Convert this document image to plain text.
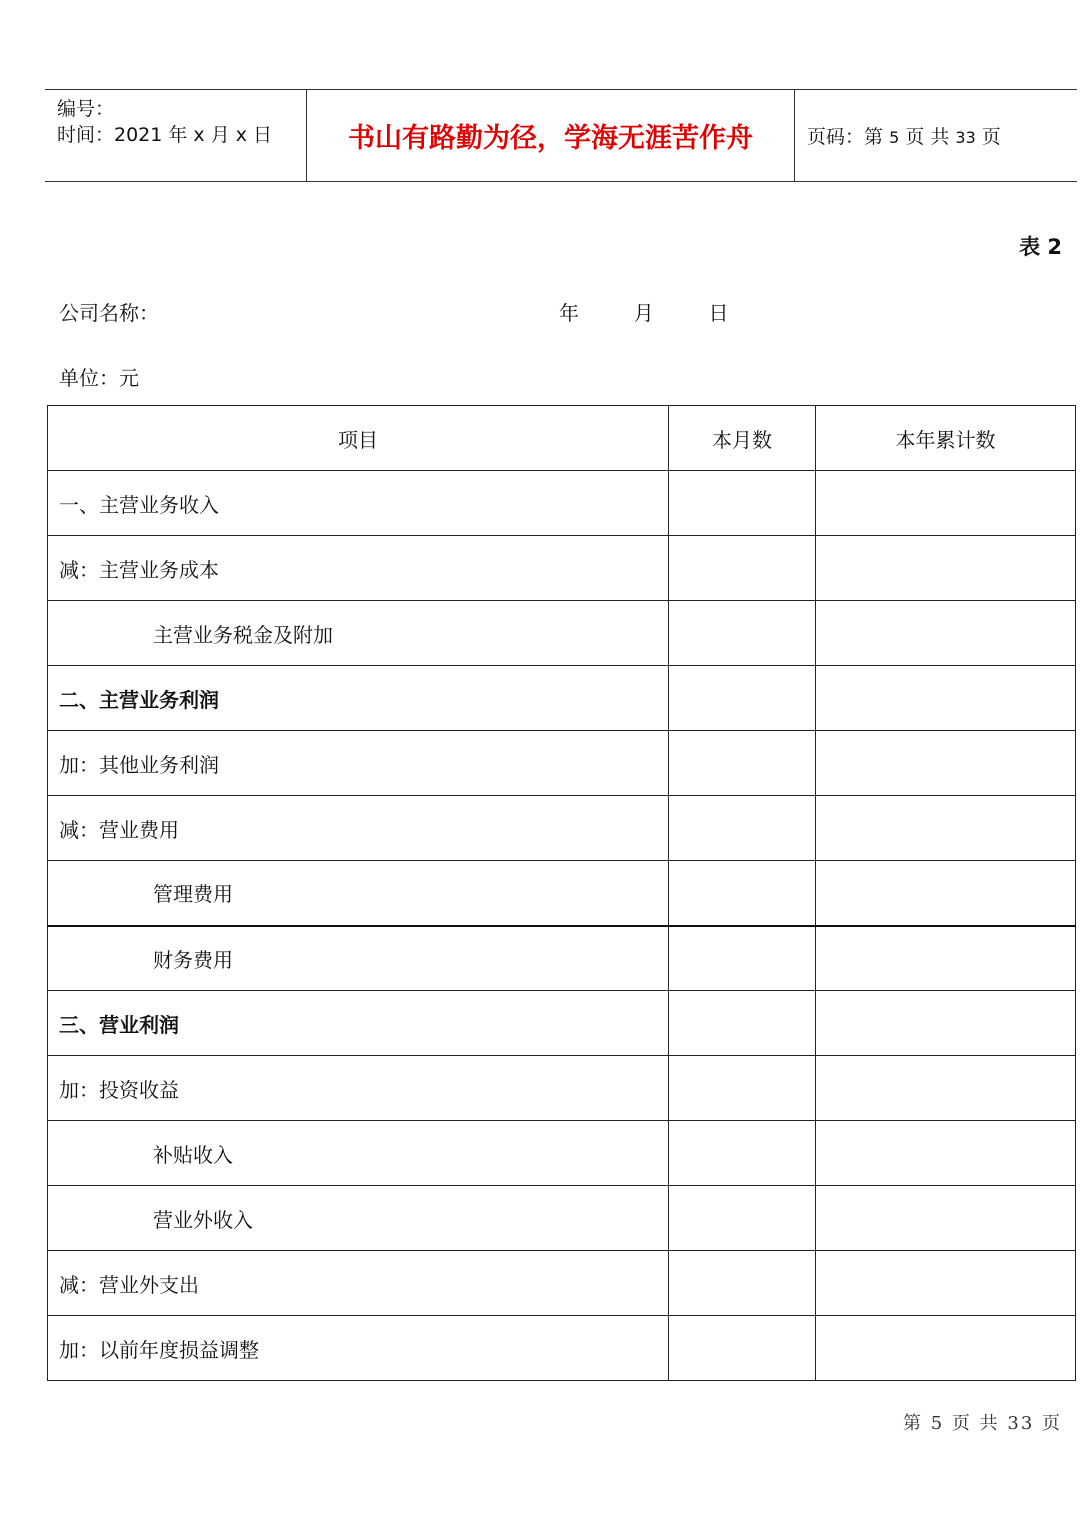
编号：
时间：2021 年 x 月 x 日	书山有路勤为径，学海无涯苦作舟	页码：第 5 页 共 33 页
表 2
公司名称：	年	月	日
单位：元
项目	本月数	本年累计数
一、主营业务收入		
减：主营业务成本		
主营业务税金及附加		
二、主营业务利润		
加：其他业务利润		
减：营业费用		
管理费用		
财务费用		
三、营业利润		
加：投资收益		
补贴收入		
营业外收入		
减：营业外支出		
加：以前年度损益调整		
第 5 页 共 33 页
